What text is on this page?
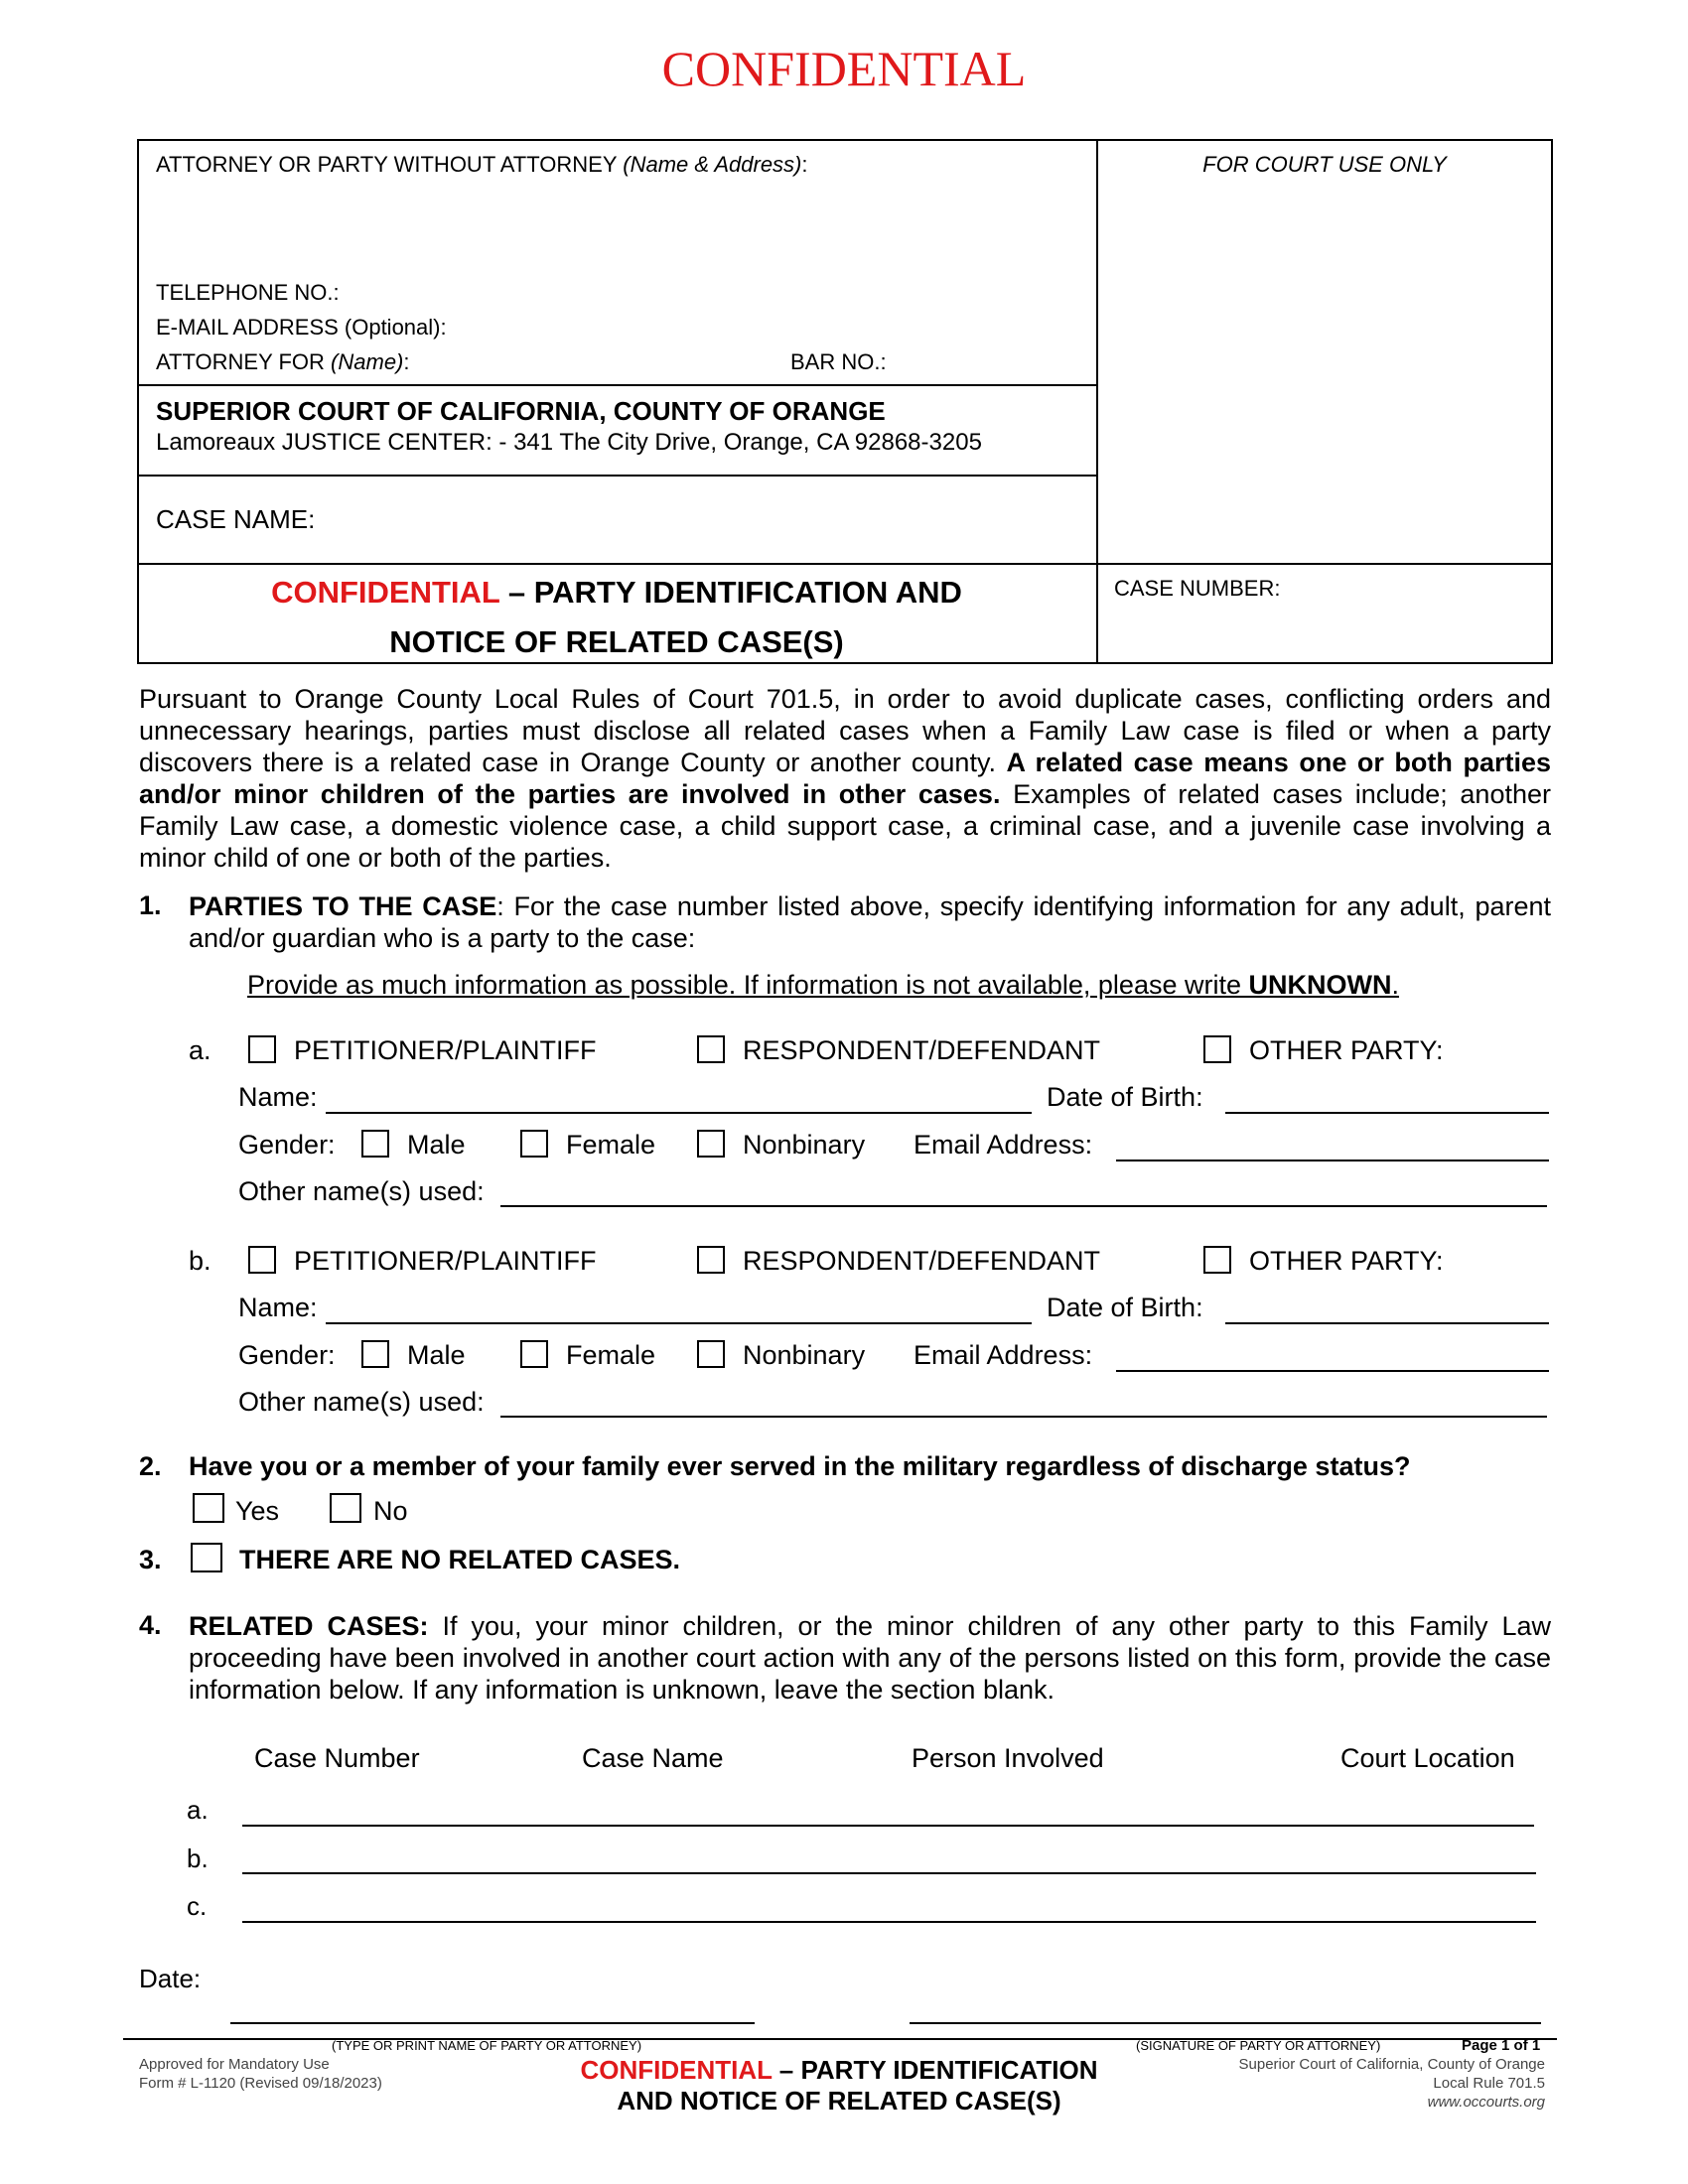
CONFIDENTIAL
ATTORNEY OR PARTY WITHOUT ATTORNEY (Name & Address):	FOR COURT USE ONLY
TELEPHONE NO.:
E-MAIL ADDRESS (Optional):
ATTORNEY FOR (Name):	BAR NO.:
SUPERIOR COURT OF CALIFORNIA, COUNTY OF ORANGE
Lamoreaux JUSTICE CENTER: - 341 The City Drive, Orange, CA 92868-3205
CASE NAME:
CONFIDENTIAL – PARTY IDENTIFICATION AND
NOTICE OF RELATED CASE(S)
CASE NUMBER:
Pursuant to Orange County Local Rules of Court 701.5, in order to avoid duplicate cases, conflicting orders and unnecessary hearings, parties must disclose all related cases when a Family Law case is filed or when a party discovers there is a related case in Orange County or another county. A related case means one or both parties and/or minor children of the parties are involved in other cases. Examples of related cases include; another Family Law case, a domestic violence case, a child support case, a criminal case, and a juvenile case involving a minor child of one or both of the parties.
1. PARTIES TO THE CASE: For the case number listed above, specify identifying information for any adult, parent and/or guardian who is a party to the case:
Provide as much information as possible. If information is not available, please write UNKNOWN.
a.	PETITIONER/PLAINTIFF	RESPONDENT/DEFENDANT	OTHER PARTY:
Name:	Date of Birth:
Gender:	Male	Female	Nonbinary Email Address:
Other name(s) used:
b.	PETITIONER/PLAINTIFF	RESPONDENT/DEFENDANT	OTHER PARTY:
Name:	Date of Birth:
Gender:	Male	Female	Nonbinary Email Address:
Other name(s) used:
2. Have you or a member of your family ever served in the military regardless of discharge status?
Yes	No
3.	THERE ARE NO RELATED CASES.
4. RELATED CASES: If you, your minor children, or the minor children of any other party to this Family Law proceeding have been involved in another court action with any of the persons listed on this form, provide the case information below. If any information is unknown, leave the section blank.
Case Number	Case Name	Person Involved	Court Location
a.
b.
c.
Date:
(TYPE OR PRINT NAME OF PARTY OR ATTORNEY)	(SIGNATURE OF PARTY OR ATTORNEY)	Page 1 of 1
Approved for Mandatory Use
Form # L-1120 (Revised 09/18/2023)	CONFIDENTIAL – PARTY IDENTIFICATION
AND NOTICE OF RELATED CASE(S)
Superior Court of California, County of Orange
Local Rule 701.5
www.occourts.org
